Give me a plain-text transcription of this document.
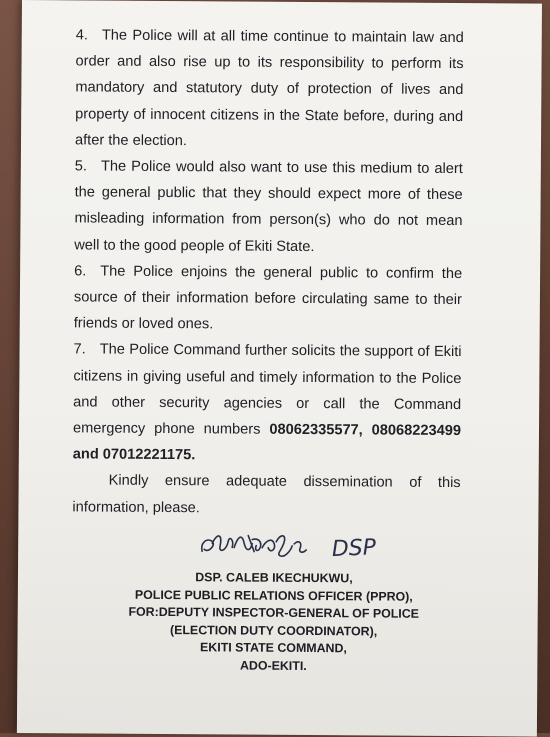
4. The Police will at all time continue to maintain law and order and also rise up to its responsibility to perform its mandatory and statutory duty of protection of lives and property of innocent citizens in the State before, during and after the election.

5. The Police would also want to use this medium to alert the general public that they should expect more of these misleading information from person(s) who do not mean well to the good people of Ekiti State.

6. The Police enjoins the general public to confirm the source of their information before circulating same to their friends or loved ones.

7. The Police Command further solicits the support of Ekiti citizens in giving useful and timely information to the Police and other security agencies or call the Command emergency phone numbers 08062335577, 08068223499 and 07012221175.

Kindly ensure adequate dissemination of this information, please.

DSP
DSP. CALEB IKECHUKWU,
POLICE PUBLIC RELATIONS OFFICER (PPRO),
FOR:DEPUTY INSPECTOR-GENERAL OF POLICE
(ELECTION DUTY COORDINATOR),
EKITI STATE COMMAND,
ADO-EKITI.
